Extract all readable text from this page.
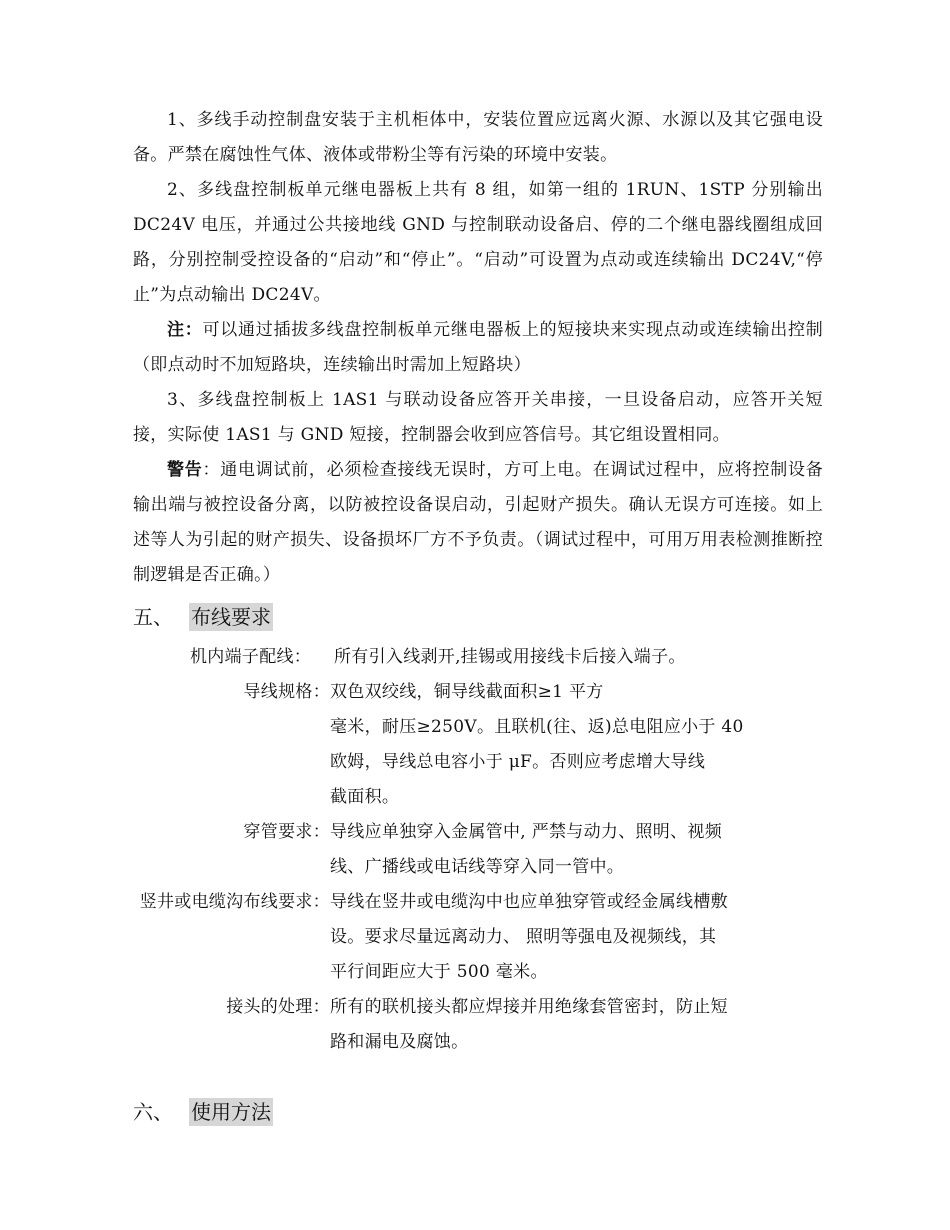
1、多线手动控制盘安装于主机柜体中，安装位置应远离火源、水源以及其它强电设备。严禁在腐蚀性气体、液体或带粉尘等有污染的环境中安装。

2、多线盘控制板单元继电器板上共有 8 组，如第一组的 1RUN、1STP 分别输出 DC24V 电压，并通过公共接地线 GND 与控制联动设备启、停的二个继电器线圈组成回路，分别控制受控设备的“启动”和“停止”。“启动”可设置为点动或连续输出 DC24V,“停止”为点动输出 DC24V。

注：可以通过插拔多线盘控制板单元继电器板上的短接块来实现点动或连续输出控制（即点动时不加短路块，连续输出时需加上短路块）

3、多线盘控制板上 1AS1 与联动设备应答开关串接，一旦设备启动，应答开关短接，实际使 1AS1 与 GND 短接，控制器会收到应答信号。其它组设置相同。

警告：通电调试前，必须检查接线无误时，方可上电。在调试过程中，应将控制设备输出端与被控设备分离，以防被控设备误启动，引起财产损失。确认无误方可连接。如上述等人为引起的财产损失、设备损坏厂方不予负责。（调试过程中，可用万用表检测推断控制逻辑是否正确。）

五、 布线要求
机内端子配线： 所有引入线剥开,挂锡或用接线卡后接入端子。
导线规格： 双色双绞线，铜导线截面积≥1 平方
毫米，耐压≥250V。且联机(往、返)总电阻应小于 40
欧姆，导线总电容小于 μF。否则应考虑增大导线
截面积。
穿管要求： 导线应单独穿入金属管中, 严禁与动力、照明、视频
线、广播线或电话线等穿入同一管中。
竖井或电缆沟布线要求： 导线在竖井或电缆沟中也应单独穿管或经金属线槽敷
设。要求尽量远离动力、 照明等强电及视频线，其
平行间距应大于 500 毫米。
接头的处理： 所有的联机接头都应焊接并用绝缘套管密封，防止短
路和漏电及腐蚀。
六、 使用方法
